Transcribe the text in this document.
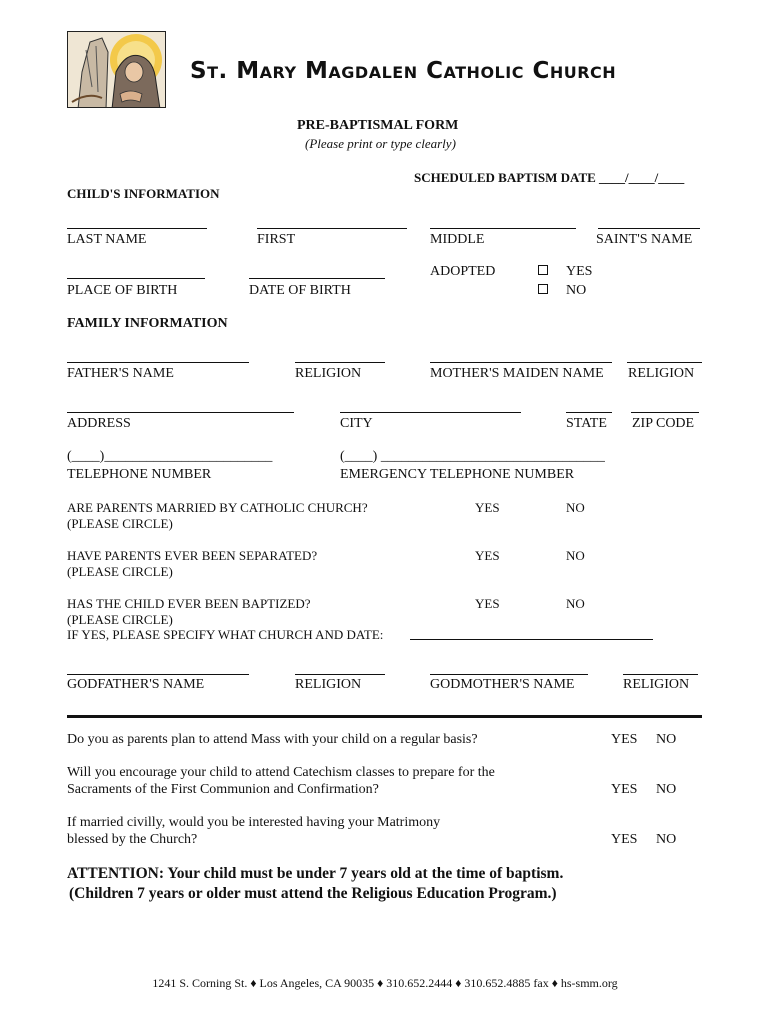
St. Mary Magdalen Catholic Church
PRE-BAPTISMAL FORM
(Please print or type clearly)
SCHEDULED BAPTISM DATE ____/____/____
CHILD'S INFORMATION
LAST NAME	FIRST	MIDDLE	SAINT'S NAME
PLACE OF BIRTH	DATE OF BIRTH
ADOPTED	YES
NO
FAMILY INFORMATION
FATHER'S NAME	RELIGION	MOTHER'S MAIDEN NAME RELIGION
ADDRESS	CITY	STATE ZIP CODE
(____)________________________	(____) ________________________________
TELEPHONE NUMBER	EMERGENCY TELEPHONE NUMBER
ARE PARENTS MARRIED BY CATHOLIC CHURCH?
(PLEASE CIRCLE)
YES	NO
HAVE PARENTS EVER BEEN SEPARATED?
(PLEASE CIRCLE)
YES	NO
HAS THE CHILD EVER BEEN BAPTIZED?
(PLEASE CIRCLE)
YES	NO
IF YES, PLEASE SPECIFY WHAT CHURCH AND DATE:
GODFATHER'S NAME	RELIGION	GODMOTHER'S NAME	RELIGION
Do you as parents plan to attend Mass with your child on a regular basis?	YES NO
Will you encourage your child to attend Catechism classes to prepare for the
Sacraments of the First Communion and Confirmation?	YES NO
If married civilly, would you be interested having your Matrimony
blessed by the Church?	YES NO
ATTENTION: Your child must be under 7 years old at the time of baptism.
(Children 7 years or older must attend the Religious Education Program.)
1241 S. Corning St. ♦ Los Angeles, CA 90035 ♦ 310.652.2444 ♦ 310.652.4885 fax ♦ hs-smm.org
